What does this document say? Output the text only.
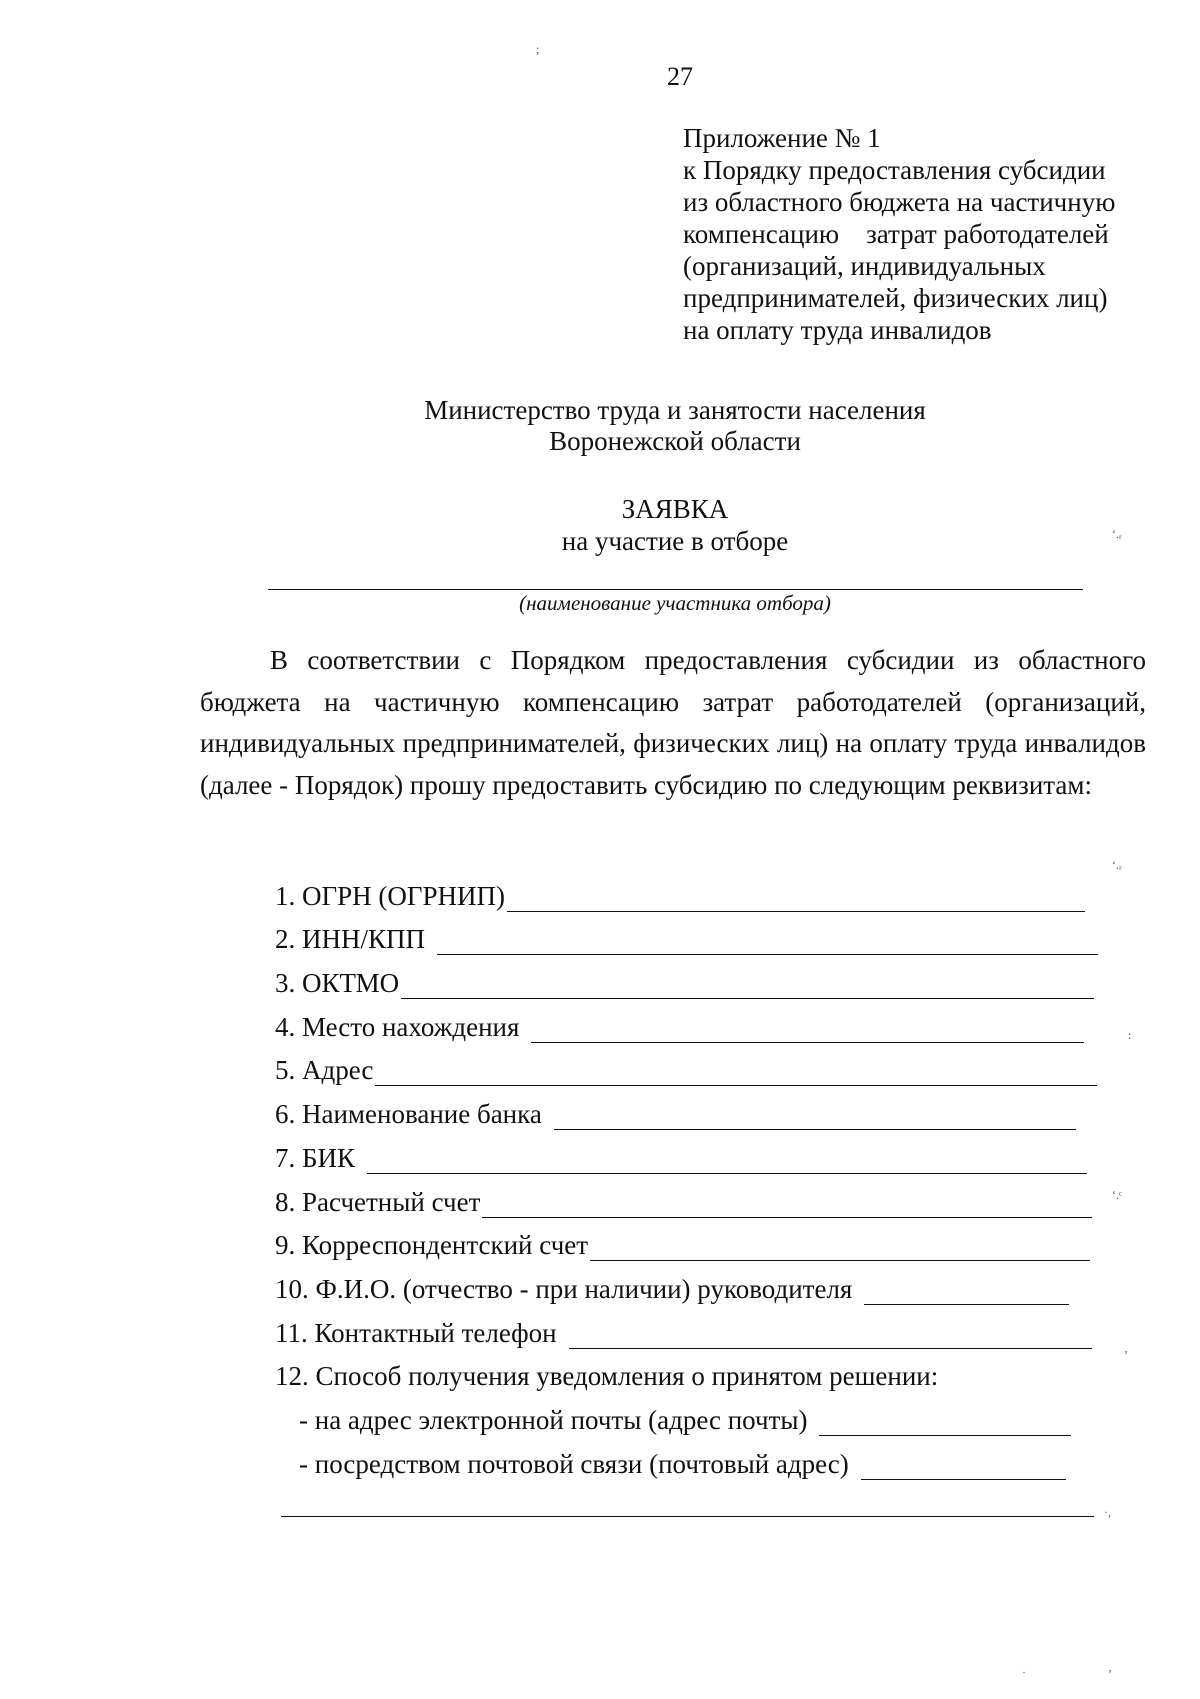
;
27
Приложение № 1
к Порядку предоставления субсидии
из областного бюджета на частичную
компенсацию    затрат работодателей
(организаций, индивидуальных
предпринимателей, физических лиц)
на оплату труда инвалидов
Министерство труда и занятости населения
Воронежской области
ЗАЯВКА
на участие в отборе	ʻ.ᵣ
(наименование участника отбора)
В соответствии с Порядком предоставления субсидии из областного бюджета на частичную компенсацию затрат работодателей (организаций, индивидуальных предпринимателей, физических лиц) на оплату труда инвалидов (далее - Порядок) прошу предоставить субсидию по следующим реквизитам:
ʻ.ᵣ
1. ОГРН (ОГРНИП)
2. ИНН/КПП
3. ОКТМО
4. Место нахождения
5. Адрес
6. Наименование банка
7. БИК
8. Расчетный счет
9. Корреспондентский счет
10. Ф.И.О. (отчество - при наличии) руководителя
11. Контактный телефон
12. Способ получения уведомления о принятом решении:
- на адрес электронной почты (адрес почты)
- посредством почтовой связи (почтовый адрес)
:
ʻ.ᶜ
ʼ
·,
·	ʼ
